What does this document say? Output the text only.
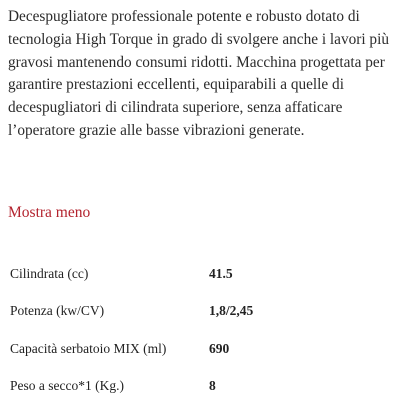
Decespugliatore professionale potente e robusto dotato di tecnologia High Torque in grado di svolgere anche i lavori più gravosi mantenendo consumi ridotti. Macchina progettata per garantire prestazioni eccellenti, equiparabili a quelle di decespugliatori di cilindrata superiore, senza affaticare l’operatore grazie alle basse vibrazioni generate.

Mostra meno
Cilindrata (cc)	41.5
Potenza (kw/CV)	1,8/2,45
Capacità serbatoio MIX (ml)	690
Peso a secco*1 (Kg.)	8
